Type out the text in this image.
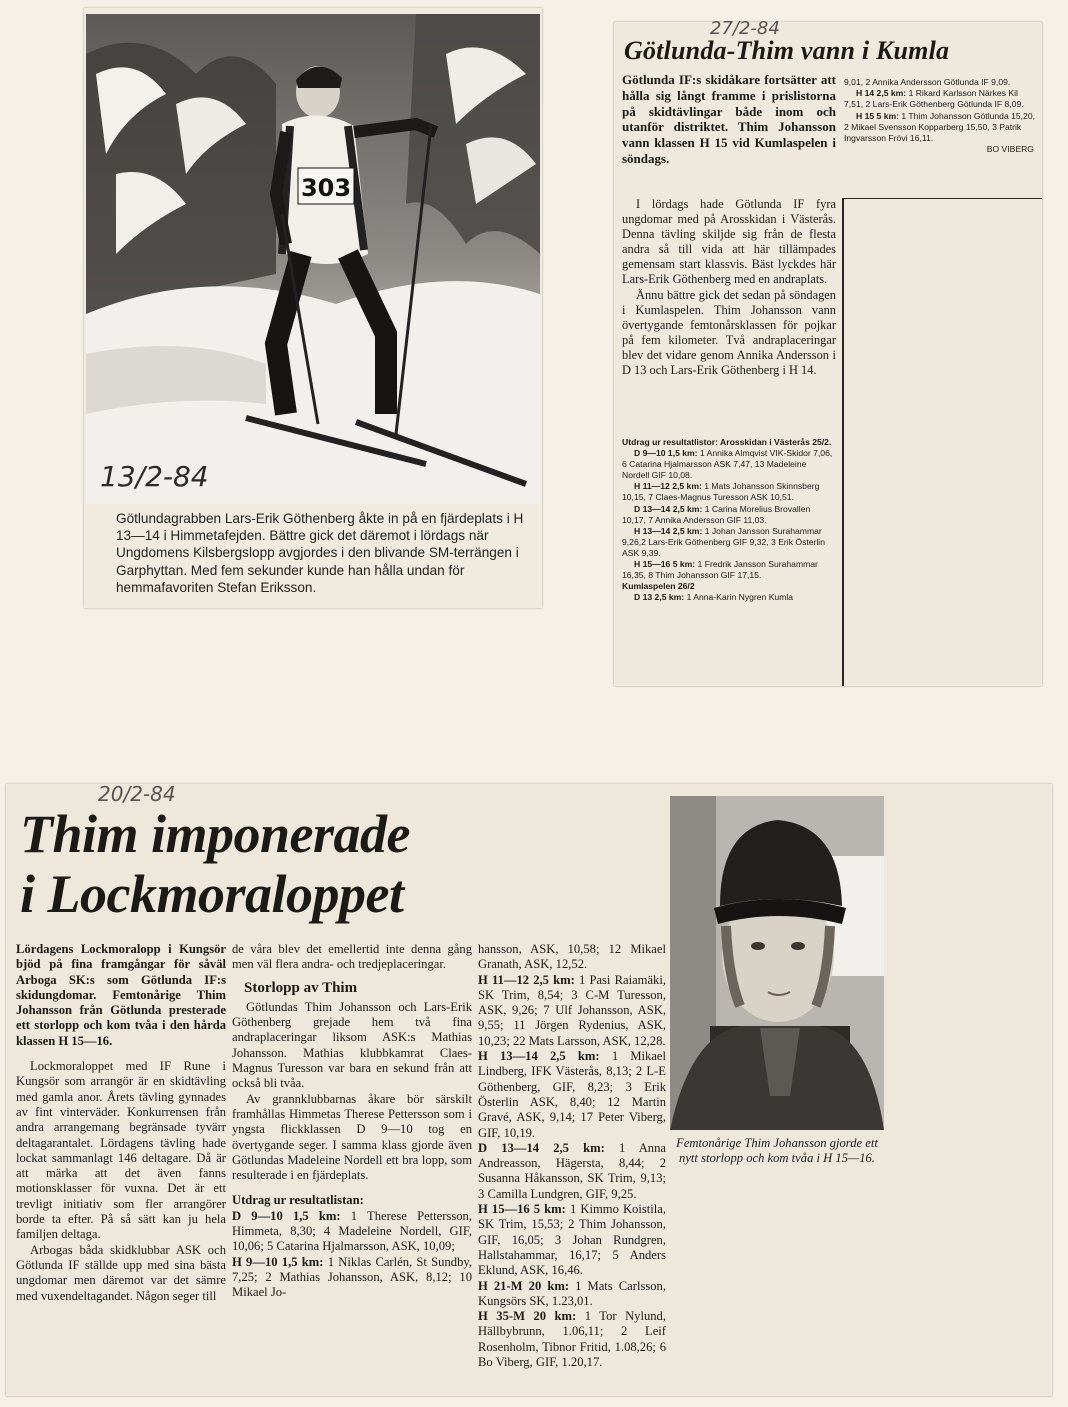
303
13/2-84
Götlundagrabben Lars-Erik Göthenberg åkte in på en fjärdeplats i H 13—14 i Himmetafejden. Bättre gick det däremot i lördags när Ungdomens Kilsbergslopp avgjordes i den blivande SM-terrängen i Garphyttan. Med fem sekunder kunde han hålla undan för hemmafavoriten Stefan Eriksson.
27/2-84
Götlunda-Thim vann i Kumla
Götlunda IF:s skidåkare fortsätter att hålla sig långt framme i prislistorna på skidtävlingar både inom och utanför distriktet. Thim Johansson vann klassen H 15 vid Kumlaspelen i söndags.

9,01, 2 Annika Andersson Götlunda IF 9,09.

H 14 2,5 km: 1 Rikard Karlsson Närkes Kil 7,51, 2 Lars-Erik Göthenberg Götlunda IF 8,09.

H 15 5 km: 1 Thim Johansson Götlunda 15,20, 2 Mikael Svensson Kopparberg 15,50, 3 Patrik Ingvarsson Frövi 16,11.

BO VIBERG

I lördags hade Götlunda IF fyra ungdomar med på Arosskidan i Västerås. Denna tävling skiljde sig från de flesta andra så till vida att här tillämpades gemensam start klassvis. Bäst lyckdes här Lars-Erik Göthenberg med en andraplats.

Ännu bättre gick det sedan på söndagen i Kumlaspelen. Thim Johansson vann övertygande femtonårsklassen för pojkar på fem kilometer. Två andraplaceringar blev det vidare genom Annika Andersson i D 13 och Lars-Erik Göthenberg i H 14.

Utdrag ur resultatlistor: Arosskidan i Västerås 25/2.

D 9—10 1,5 km: 1 Annika Almqvist VIK-Skidor 7,06, 6 Catarina Hjalmarsson ASK 7,47, 13 Madeleine Nordell GIF 10,08.

H 11—12 2,5 km: 1 Mats Johansson Skinnsberg 10,15, 7 Claes-Magnus Turesson ASK 10,51.

D 13—14 2,5 km: 1 Carina Morelius Brovallen 10,17, 7 Annika Andersson GIF 11,03.

H 13—14 2,5 km: 1 Johan Jansson Surahammar 9,26,2 Lars-Erik Göthenberg GIF 9,32, 3 Erik Österlin ASK 9,39.

H 15—16 5 km: 1 Fredrik Jansson Surahammar 16,35, 8 Thim Johansson GIF 17,15.

Kumlaspelen 26/2

D 13 2,5 km: 1 Anna-Karin Nygren Kumla

20/2-84
Thim imponerade
i Lockmoraloppet

Lördagens Lockmoralopp i Kungsör bjöd på fina framgångar för såväl Arboga SK:s som Götlunda IF:s skidungdomar. Femtonårige Thim Johansson från Götlunda presterade ett storlopp och kom tvåa i den hårda klassen H 15—16.

Lockmoraloppet med IF Rune i Kungsör som arrangör är en skidtävling med gamla anor. Årets tävling gynnades av fint vinterväder. Konkurrensen från andra arrangemang begränsade tyvärr deltagarantalet. Lördagens tävling hade lockat sammanlagt 146 deltagare. Då är att märka att det även fanns motionsklasser för vuxna. Det är ett trevligt initiativ som fler arrangörer borde ta efter. På så sätt kan ju hela familjen deltaga.

Arbogas båda skidklubbar ASK och Götlunda IF ställde upp med sina bästa ungdomar men däremot var det sämre med vuxendeltagandet. Någon seger till

de våra blev det emellertid inte denna gång men väl flera andra- och tredjeplaceringar.

Storlopp av Thim

Götlundas Thim Johansson och Lars-Erik Göthenberg grejade hem två fina andraplaceringar liksom ASK:s Mathias Johansson. Mathias klubbkamrat Claes-Magnus Turesson var bara en sekund från att också bli tvåa.

Av grannklubbarnas åkare bör särskilt framhållas Himmetas Therese Pettersson som i yngsta flickklassen D 9—10 tog en övertygande seger. I samma klass gjorde även Götlundas Madeleine Nordell ett bra lopp, som resulterade i en fjärdeplats.

Utdrag ur resultatlistan:

D 9—10 1,5 km: 1 Therese Pettersson, Himmeta, 8,30; 4 Madeleine Nordell, GIF, 10,06; 5 Catarina Hjalmarsson, ASK, 10,09;

H 9—10 1,5 km: 1 Niklas Carlén, St Sundby, 7,25; 2 Mathias Johansson, ASK, 8,12; 10 Mikael Jo-

hansson, ASK, 10,58; 12 Mikael Granath, ASK, 12,52.

H 11—12 2,5 km: 1 Pasi Raiamäki, SK Trim, 8,54; 3 C-M Turesson, ASK, 9,26; 7 Ulf Johansson, ASK, 9,55; 11 Jörgen Rydenius, ASK, 10,23; 22 Mats Larsson, ASK, 12,28.

H 13—14 2,5 km: 1 Mikael Lindberg, IFK Västerås, 8,13; 2 L-E Göthenberg, GIF, 8,23; 3 Erik Österlin ASK, 8,40; 12 Martin Gravé, ASK, 9,14; 17 Peter Viberg, GIF, 10,19.

D 13—14 2,5 km: 1 Anna Andreasson, Hägersta, 8,44; 2 Susanna Håkansson, SK Trim, 9,13; 3 Camilla Lundgren, GIF, 9,25.

H 15—16 5 km: 1 Kimmo Koistila, SK Trim, 15,53; 2 Thim Johansson, GIF, 16,05; 3 Johan Rundgren, Hallstahammar, 16,17; 5 Anders Eklund, ASK, 16,46.

H 21-M 20 km: 1 Mats Carlsson, Kungsörs SK, 1.23,01.

H 35-M 20 km: 1 Tor Nylund, Hällbybrunn, 1.06,11; 2 Leif Rosenholm, Tibnor Fritid, 1.08,26; 6 Bo Viberg, GIF, 1.20,17.

Femtonårige Thim Johansson gjorde ett nytt storlopp och kom tvåa i H 15—16.
